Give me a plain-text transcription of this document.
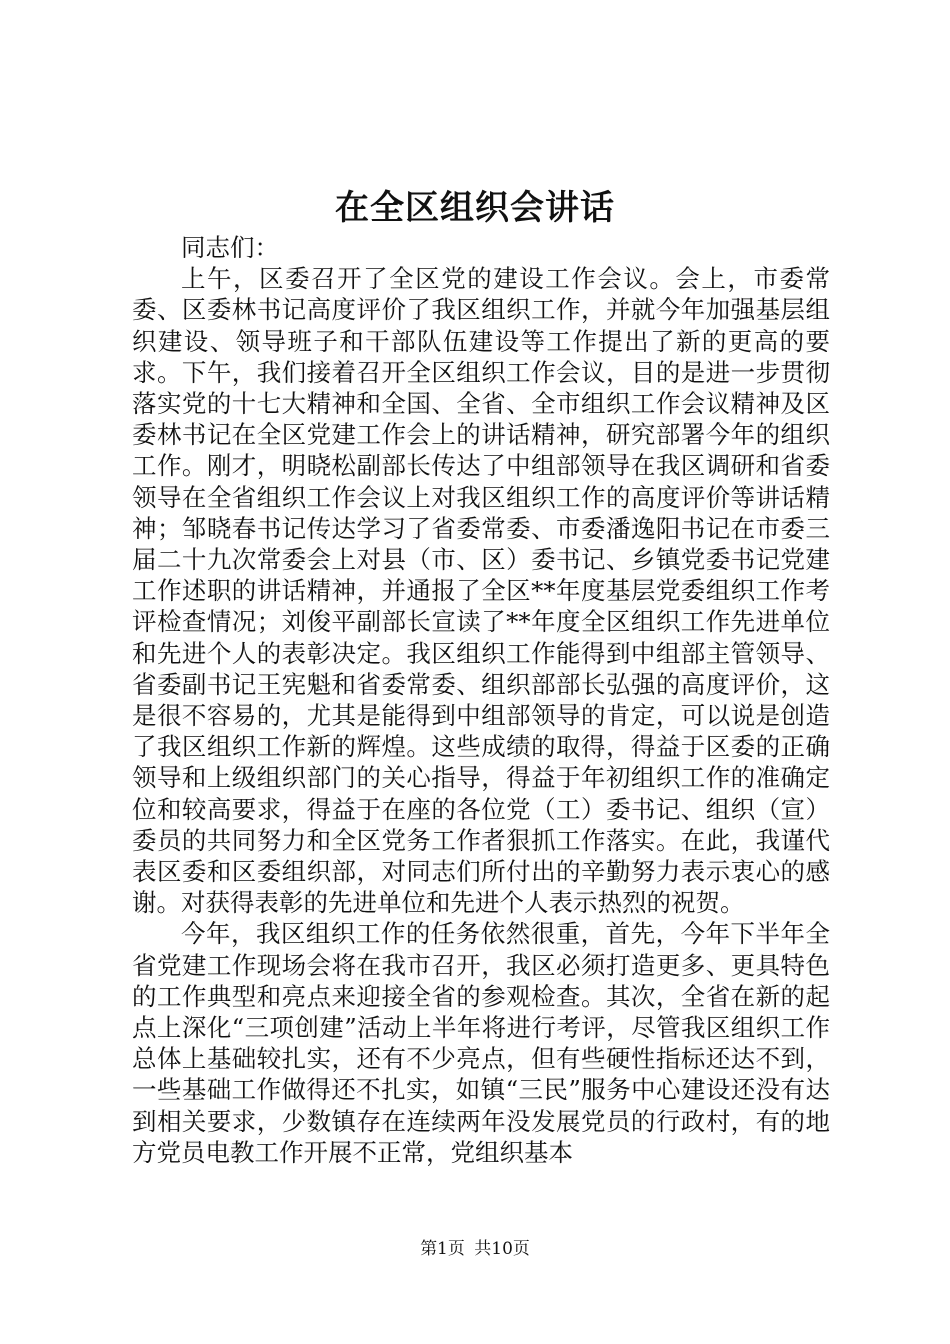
在全区组织会讲话

同志们：

上午，区委召开了全区党的建设工作会议。会上，市委常委、区委林书记高度评价了我区组织工作，并就今年加强基层组织建设、领导班子和干部队伍建设等工作提出了新的更高的要求。下午，我们接着召开全区组织工作会议，目的是进一步贯彻落实党的十七大精神和全国、全省、全市组织工作会议精神及区委林书记在全区党建工作会上的讲话精神，研究部署今年的组织工作。刚才，明晓松副部长传达了中组部领导在我区调研和省委领导在全省组织工作会议上对我区组织工作的高度评价等讲话精神；邹晓春书记传达学习了省委常委、市委潘逸阳书记在市委三届二十九次常委会上对县（市、区）委书记、乡镇党委书记党建工作述职的讲话精神，并通报了全区**年度基层党委组织工作考评检查情况；刘俊平副部长宣读了**年度全区组织工作先进单位和先进个人的表彰决定。我区组织工作能得到中组部主管领导、省委副书记王宪魁和省委常委、组织部部长弘强的高度评价，这是很不容易的，尤其是能得到中组部领导的肯定，可以说是创造了我区组织工作新的辉煌。这些成绩的取得，得益于区委的正确领导和上级组织部门的关心指导，得益于年初组织工作的准确定位和较高要求，得益于在座的各位党（工）委书记、组织（宣）委员的共同努力和全区党务工作者狠抓工作落实。在此，我谨代表区委和区委组织部，对同志们所付出的辛勤努力表示衷心的感谢。对获得表彰的先进单位和先进个人表示热烈的祝贺。

今年，我区组织工作的任务依然很重，首先，今年下半年全省党建工作现场会将在我市召开，我区必须打造更多、更具特色的工作典型和亮点来迎接全省的参观检查。其次，全省在新的起点上深化“三项创建”活动上半年将进行考评，尽管我区组织工作总体上基础较扎实，还有不少亮点，但有些硬性指标还达不到，一些基础工作做得还不扎实，如镇“三民”服务中心建设还没有达到相关要求，少数镇存在连续两年没发展党员的行政村，有的地方党员电教工作开展不正常，党组织基本

第1页 共10页
